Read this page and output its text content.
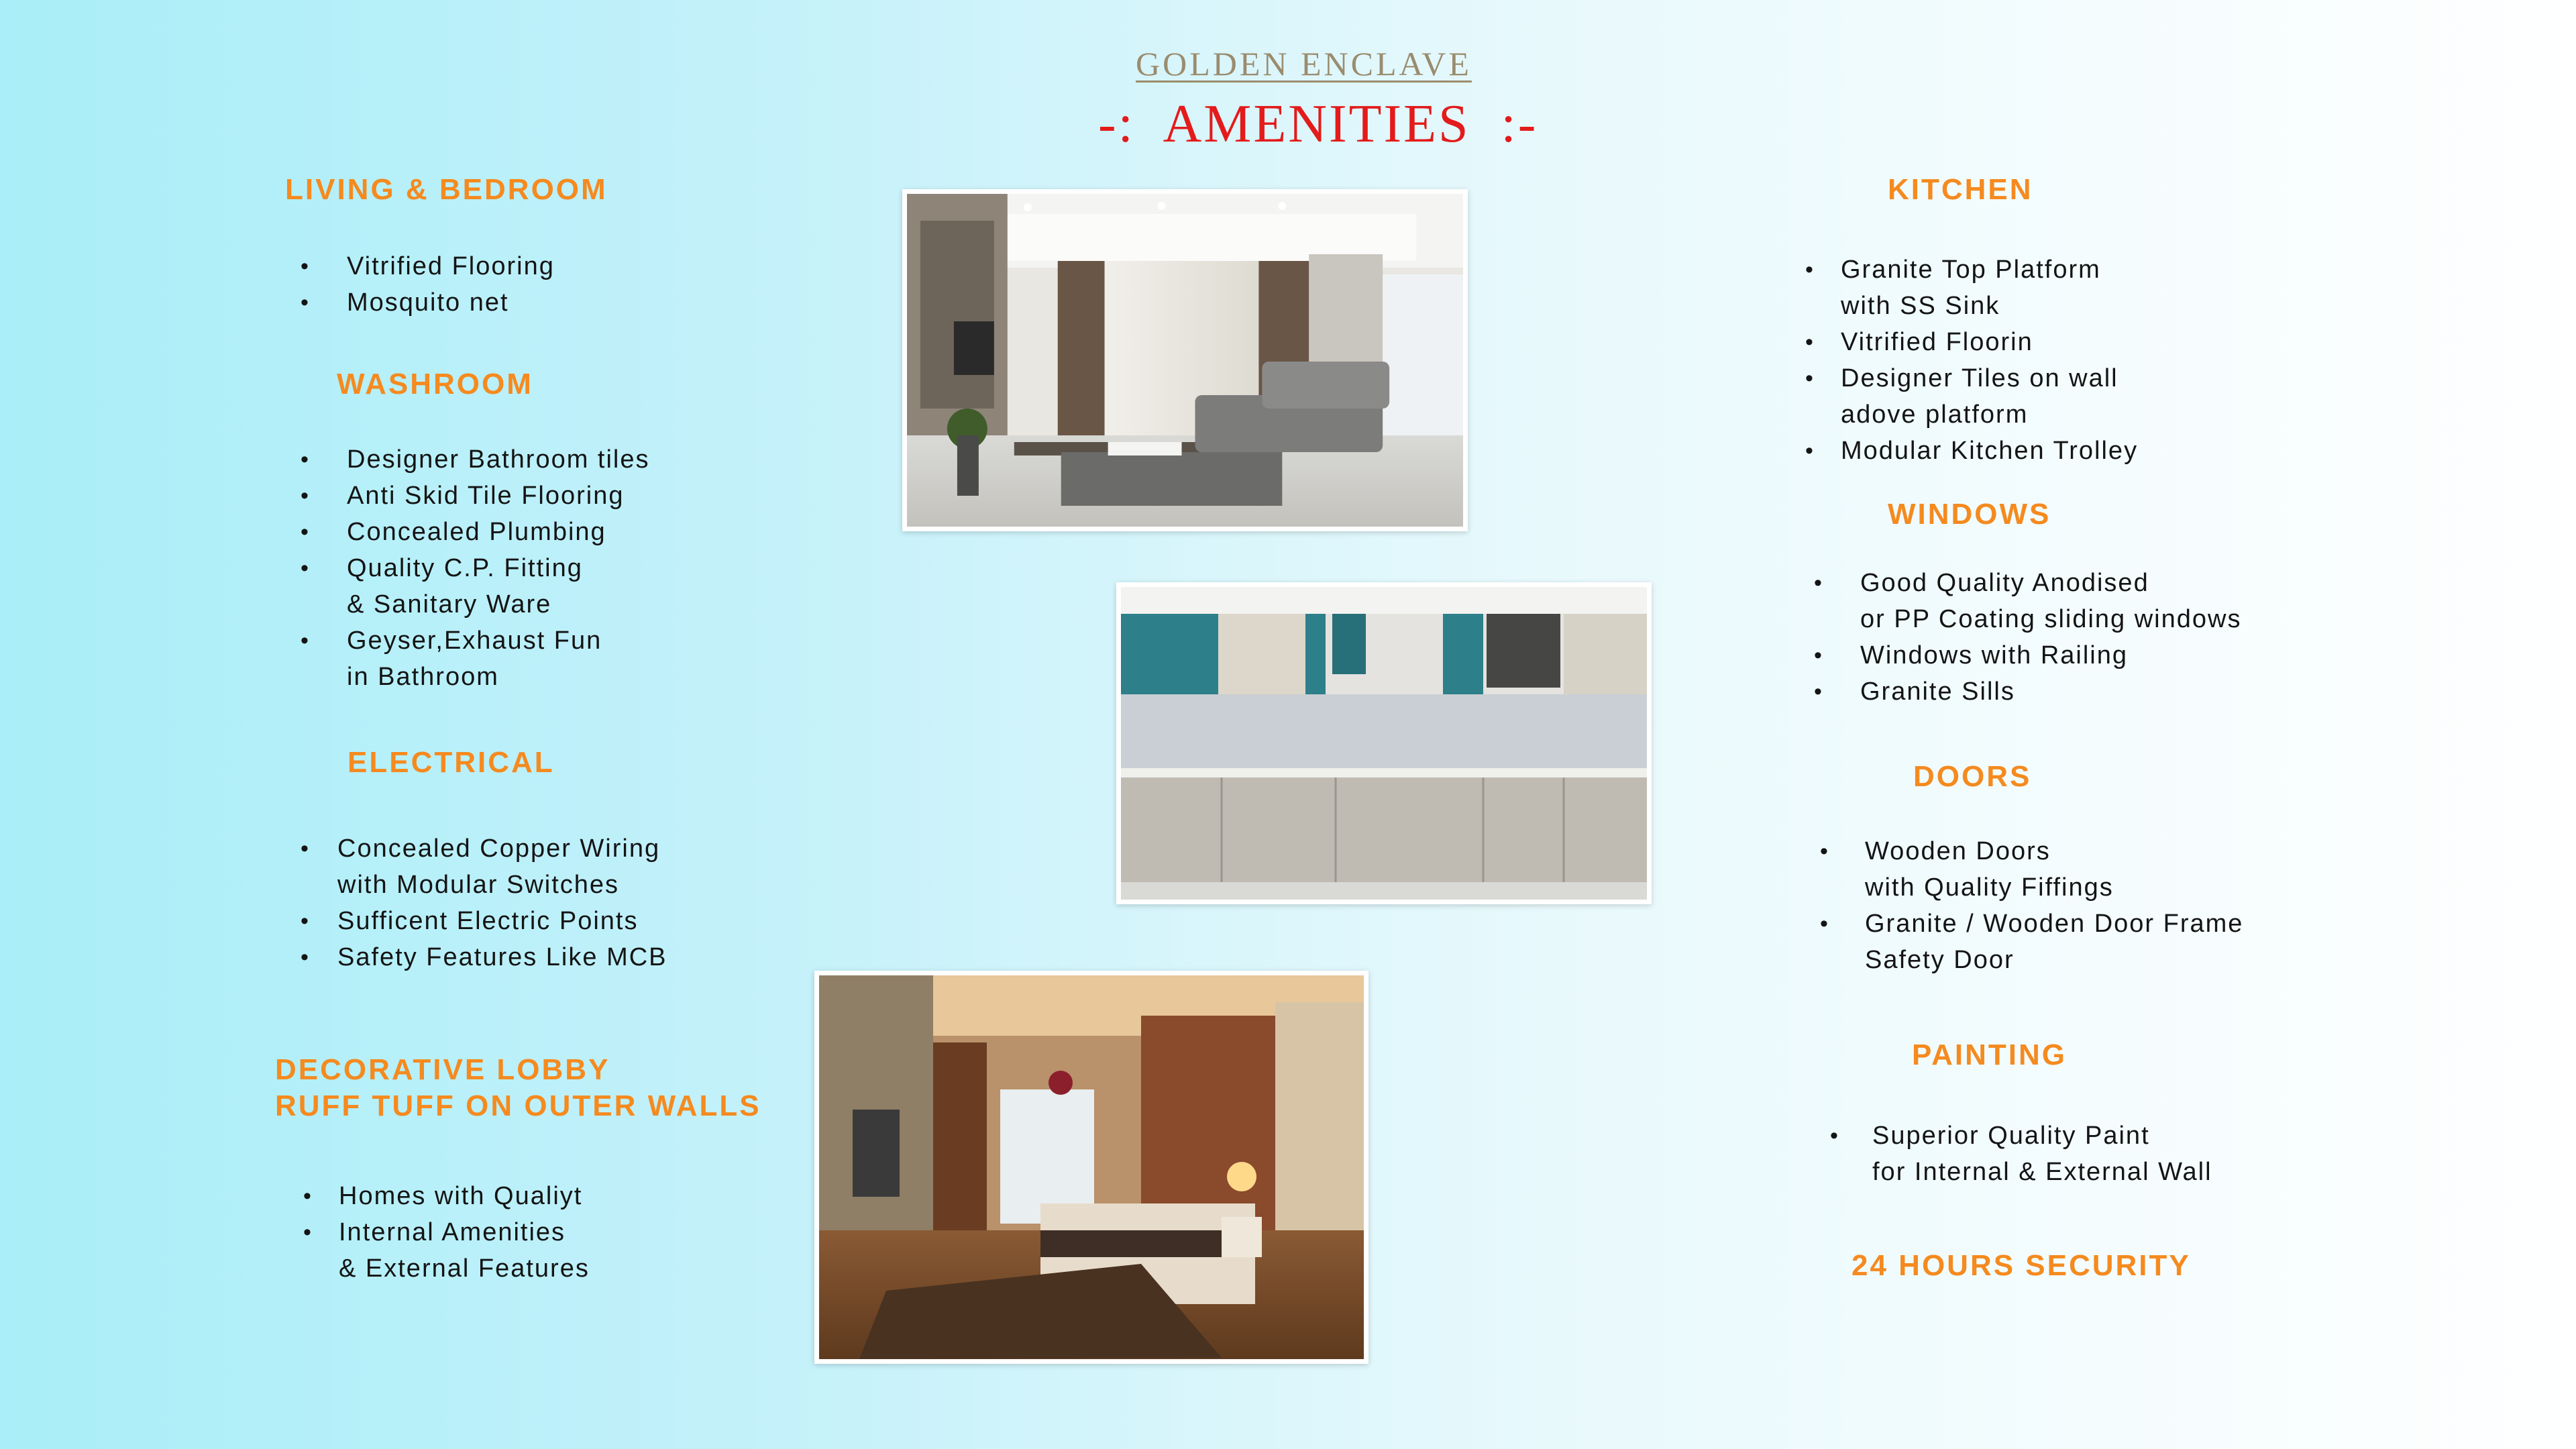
GOLDEN ENCLAVE
-:  AMENITIES  :-
LIVING & BEDROOM
• Vitrified Flooring
• Mosquito net
WASHROOM
• Designer Bathroom tiles
• Anti Skid Tile Flooring
• Concealed Plumbing
• Quality C.P. Fitting
& Sanitary Ware
• Geyser,Exhaust Fun
in Bathroom
ELECTRICAL
• Concealed Copper Wiring
with Modular Switches
• Sufficent Electric Points
• Safety Features Like MCB
DECORATIVE LOBBY
RUFF TUFF ON OUTER WALLS
• Homes with Qualiyt
• Internal Amenities
& External Features
KITCHEN
• Granite Top Platform
with SS Sink
• Vitrified Floorin
• Designer Tiles on wall
adove platform
• Modular Kitchen Trolley
WINDOWS
• Good Quality Anodised
or PP Coating sliding windows
• Windows with Railing
• Granite Sills
DOORS
• Wooden Doors
with Quality Fiffings
• Granite / Wooden Door Frame
Safety Door
PAINTING
• Superior Quality Paint
for Internal & External Wall
24 HOURS SECURITY
